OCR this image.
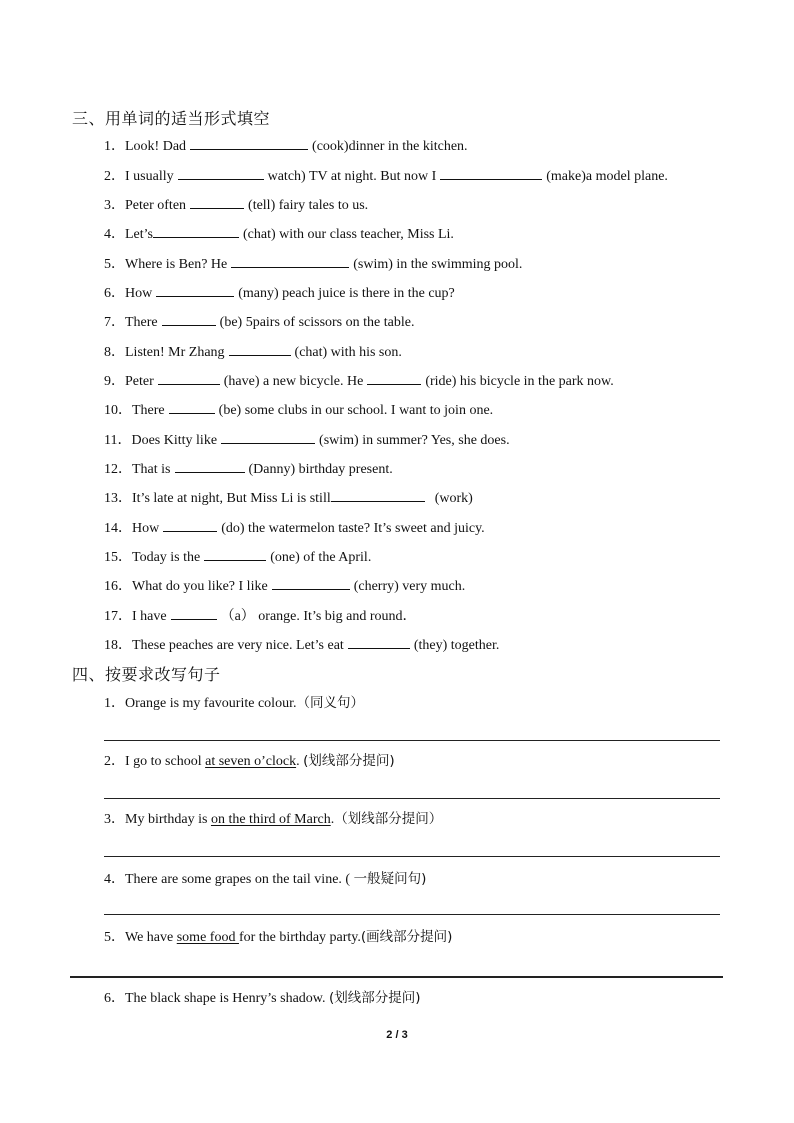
三、用单词的适当形式填空
1．Look! Dad	(cook)dinner in the kitchen.
2．I usually	watch) TV at night. But now I	(make)a model plane.
3．Peter often	(tell) fairy tales to us.
4．Let’s	(chat) with our class teacher, Miss Li.
5．Where is Ben? He	(swim) in the swimming pool.
6．How	(many) peach juice is there in the cup?
7．There	(be) 5pairs of scissors on the table.
8．Listen! Mr Zhang	(chat) with his son.
9．Peter	(have) a new bicycle. He	(ride) his bicycle in the park now.
10．There	(be) some clubs in our school. I want to join one.
11．Does Kitty like	(swim) in summer? Yes, she does.
12．That is	(Danny) birthday present.
13．It’s late at night, But Miss Li is still	(work)
14．How	(do) the watermelon taste? It’s sweet and juicy.
15．Today is the	(one) of the April.
16．What do you like? I like	(cherry) very much.
17．I have	（a） orange. It’s big and round．
18．These peaches are very nice. Let’s eat	(they) together.
四、按要求改写句子
1．Orange is my favourite colour.（同义句）
2．I go to school at seven o’clock. (划线部分提问)
3．My birthday is on the third of March.（划线部分提问）
4．There are some grapes on the tail vine. ( 一般疑问句)
5．We have some food for the birthday party.(画线部分提问)
6．The black shape is Henry’s shadow. (划线部分提问)
2 / 3
